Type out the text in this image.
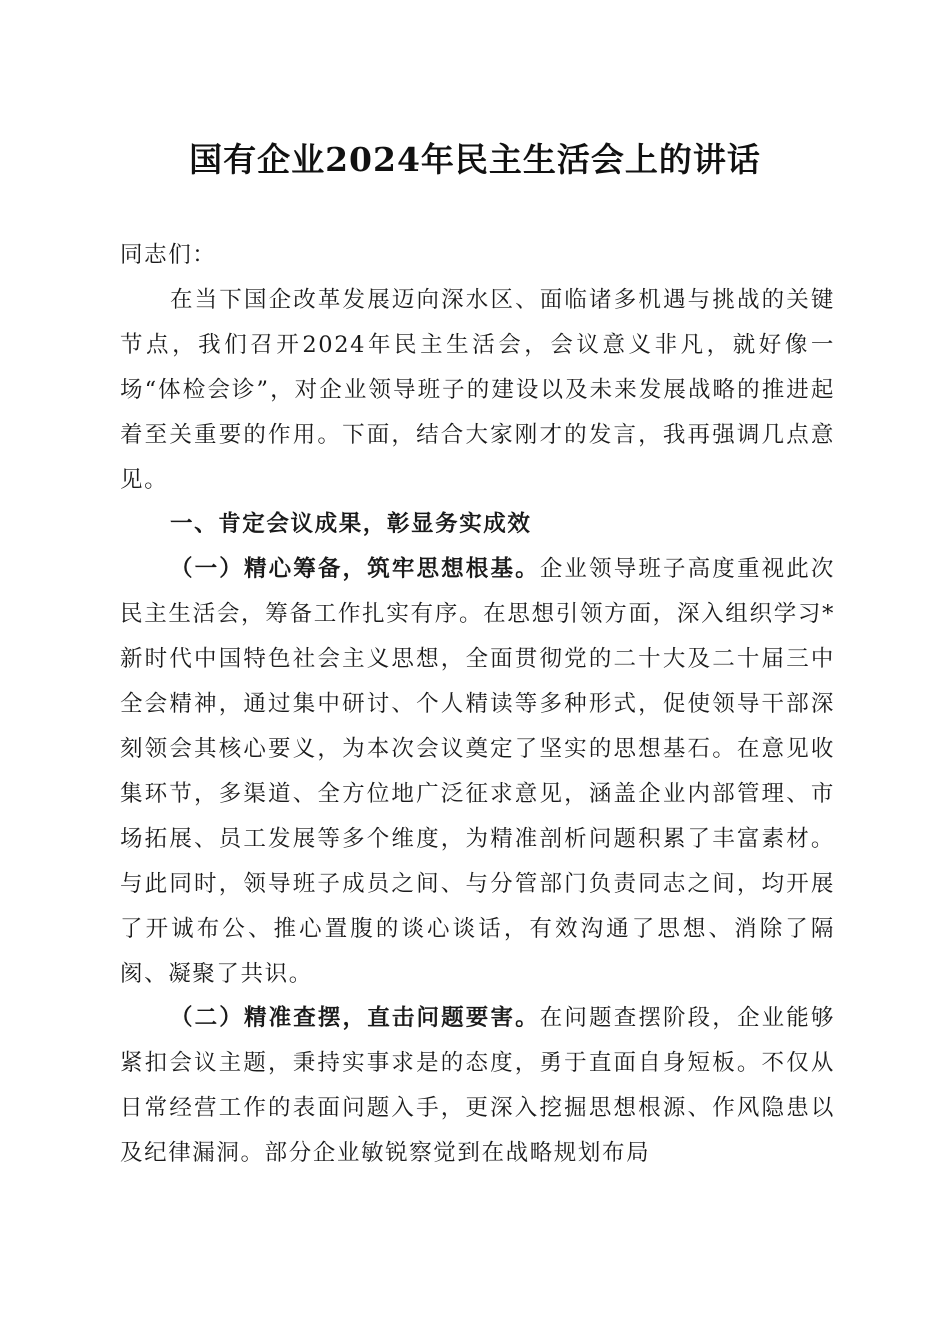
国有企业2024年民主生活会上的讲话
同志们：
在当下国企改革发展迈向深水区、面临诸多机遇与挑战的关键节点，我们召开2024年民主生活会，会议意义非凡，就好像一场“体检会诊”，对企业领导班子的建设以及未来发展战略的推进起着至关重要的作用。下面，结合大家刚才的发言，我再强调几点意见。
一、肯定会议成果，彰显务实成效
（一）精心筹备，筑牢思想根基。企业领导班子高度重视此次民主生活会，筹备工作扎实有序。在思想引领方面，深入组织学习*新时代中国特色社会主义思想，全面贯彻党的二十大及二十届三中全会精神，通过集中研讨、个人精读等多种形式，促使领导干部深刻领会其核心要义，为本次会议奠定了坚实的思想基石。在意见收集环节，多渠道、全方位地广泛征求意见，涵盖企业内部管理、市场拓展、员工发展等多个维度，为精准剖析问题积累了丰富素材。与此同时，领导班子成员之间、与分管部门负责同志之间，均开展了开诚布公、推心置腹的谈心谈话，有效沟通了思想、消除了隔阂、凝聚了共识。
（二）精准查摆，直击问题要害。在问题查摆阶段，企业能够紧扣会议主题，秉持实事求是的态度，勇于直面自身短板。不仅从日常经营工作的表面问题入手，更深入挖掘思想根源、作风隐患以及纪律漏洞。部分企业敏锐察觉到在战略规划布局
